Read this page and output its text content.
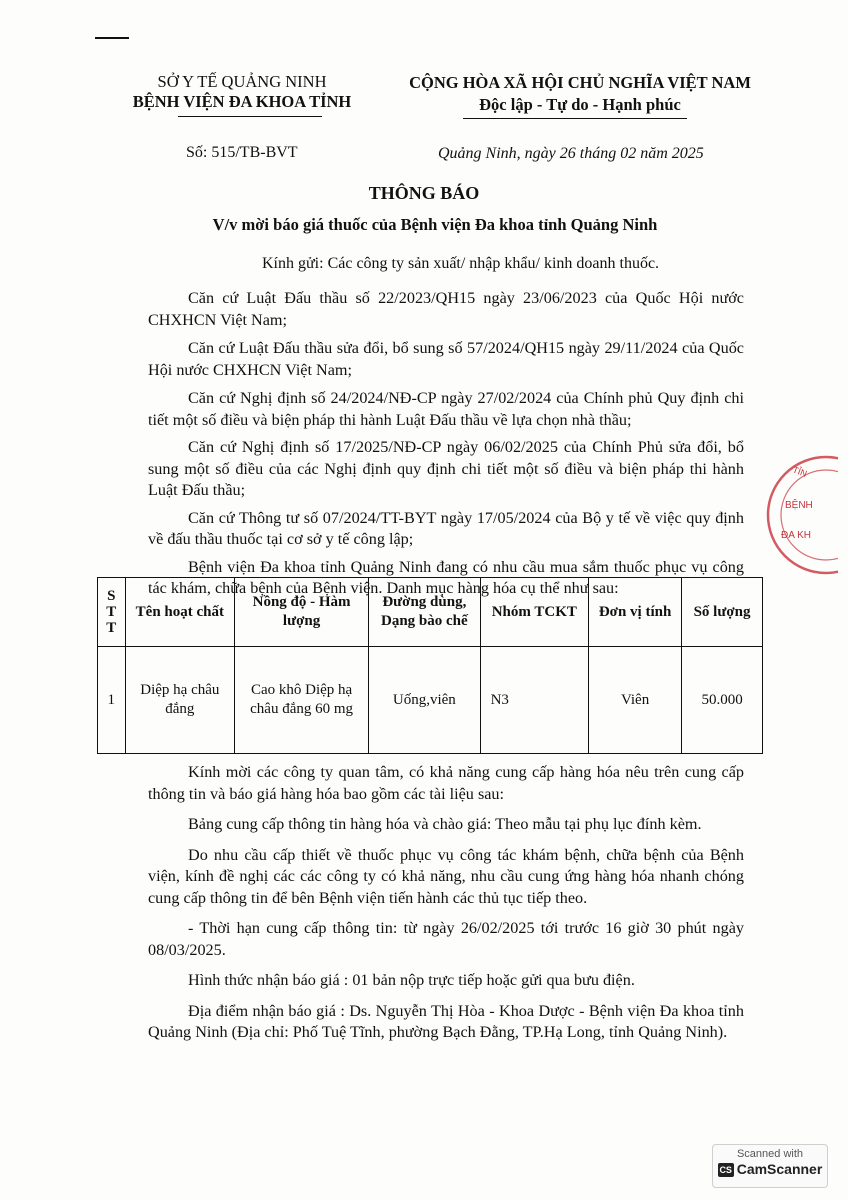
SỞ Y TẾ QUẢNG NINH
BỆNH VIỆN ĐA KHOA TỈNH
CỘNG HÒA XÃ HỘI CHỦ NGHĨA VIỆT NAM
Độc lập - Tự do - Hạnh phúc
Số: 515/TB-BVT	Quảng Ninh, ngày 26 tháng 02 năm 2025
THÔNG BÁO
V/v mời báo giá thuốc của Bệnh viện Đa khoa tỉnh Quảng Ninh
Kính gửi: Các công ty sản xuất/ nhập khẩu/ kinh doanh thuốc.

Căn cứ Luật Đấu thầu số 22/2023/QH15 ngày 23/06/2023 của Quốc Hội nước CHXHCN Việt Nam;

Căn cứ Luật Đấu thầu sửa đổi, bổ sung số 57/2024/QH15 ngày 29/11/2024 của Quốc Hội nước CHXHCN Việt Nam;

Căn cứ Nghị định số 24/2024/NĐ-CP ngày 27/02/2024 của Chính phủ Quy định chi tiết một số điều và biện pháp thi hành Luật Đấu thầu về lựa chọn nhà thầu;

Căn cứ Nghị định số 17/2025/NĐ-CP ngày 06/02/2025 của Chính Phủ sửa đổi, bổ sung một số điều của các Nghị định quy định chi tiết một số điều và biện pháp thi hành Luật Đấu thầu;

Căn cứ Thông tư số 07/2024/TT-BYT ngày 17/05/2024 của Bộ y tế về việc quy định về đấu thầu thuốc tại cơ sở y tế công lập;

Bệnh viện Đa khoa tỉnh Quảng Ninh đang có nhu cầu mua sắm thuốc phục vụ công tác khám, chữa bệnh của Bệnh viện. Danh mục hàng hóa cụ thể như sau:

S
T
T	Tên hoạt chất	Nồng độ - Hàm lượng	Đường dùng, Dạng bào chế	Nhóm TCKT	Đơn vị tính	Số lượng
1	Diệp hạ châu đắng	Cao khô Diệp hạ châu đắng 60 mg	Uống,viên	N3	Viên	50.000

Kính mời các công ty quan tâm, có khả năng cung cấp hàng hóa nêu trên cung cấp thông tin và báo giá hàng hóa bao gồm các tài liệu sau:

Bảng cung cấp thông tin hàng hóa và chào giá: Theo mẫu tại phụ lục đính kèm.

Do nhu cầu cấp thiết về thuốc phục vụ công tác khám bệnh, chữa bệnh của Bệnh viện, kính đề nghị các các công ty có khả năng, nhu cầu cung ứng hàng hóa nhanh chóng cung cấp thông tin để bên Bệnh viện tiến hành các thủ tục tiếp theo.

- Thời hạn cung cấp thông tin: từ ngày 26/02/2025 tới trước 16 giờ 30 phút ngày 08/03/2025.

Hình thức nhận báo giá : 01 bản nộp trực tiếp hoặc gửi qua bưu điện.

Địa điểm nhận báo giá : Ds. Nguyễn Thị Hòa - Khoa Dược - Bệnh viện Đa khoa tỉnh Quảng Ninh (Địa chỉ: Phố Tuệ Tĩnh, phường Bạch Đằng, TP.Hạ Long, tỉnh Quảng Ninh).

TỈN
BỆNH
ĐA KH
Scanned with
CS CamScanner
